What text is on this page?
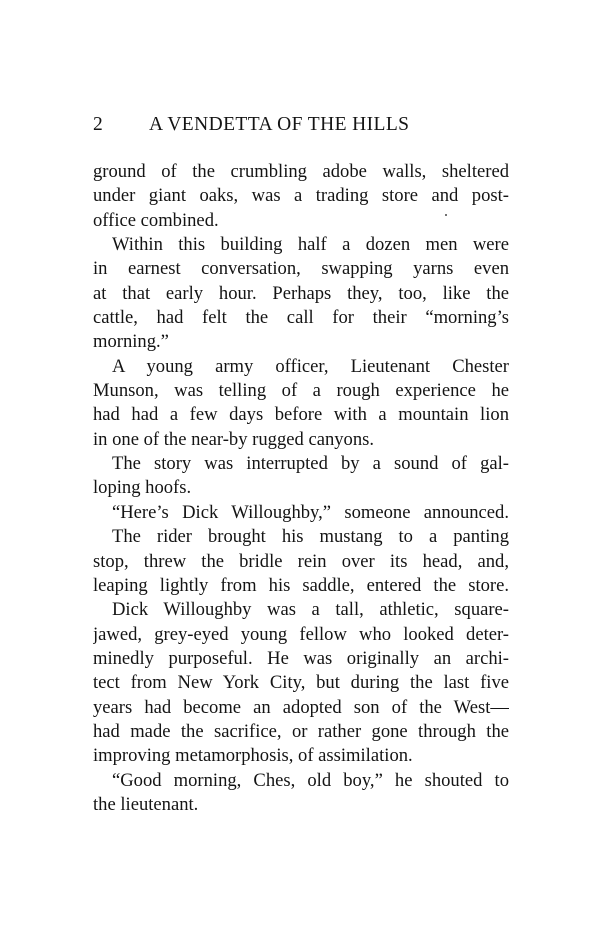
2 A VENDETTA OF THE HILLS
ground of the crumbling adobe walls, sheltered
under giant oaks, was a trading store and post-
office combined.
Within this building half a dozen men were
in earnest conversation, swapping yarns even
at that early hour. Perhaps they, too, like the
cattle, had felt the call for their “morning’s
morning.”
A young army officer, Lieutenant Chester
Munson, was telling of a rough experience he
had had a few days before with a mountain lion
in one of the near-by rugged canyons.
The story was interrupted by a sound of gal-
loping hoofs.
“Here’s Dick Willoughby,” someone announced.
The rider brought his mustang to a panting
stop, threw the bridle rein over its head, and,
leaping lightly from his saddle, entered the store.
Dick Willoughby was a tall, athletic, square-
jawed, grey-eyed young fellow who looked deter-
minedly purposeful. He was originally an archi-
tect from New York City, but during the last five
years had become an adopted son of the West—
had made the sacrifice, or rather gone through the
improving metamorphosis, of assimilation.
“Good morning, Ches, old boy,” he shouted to
the lieutenant.
